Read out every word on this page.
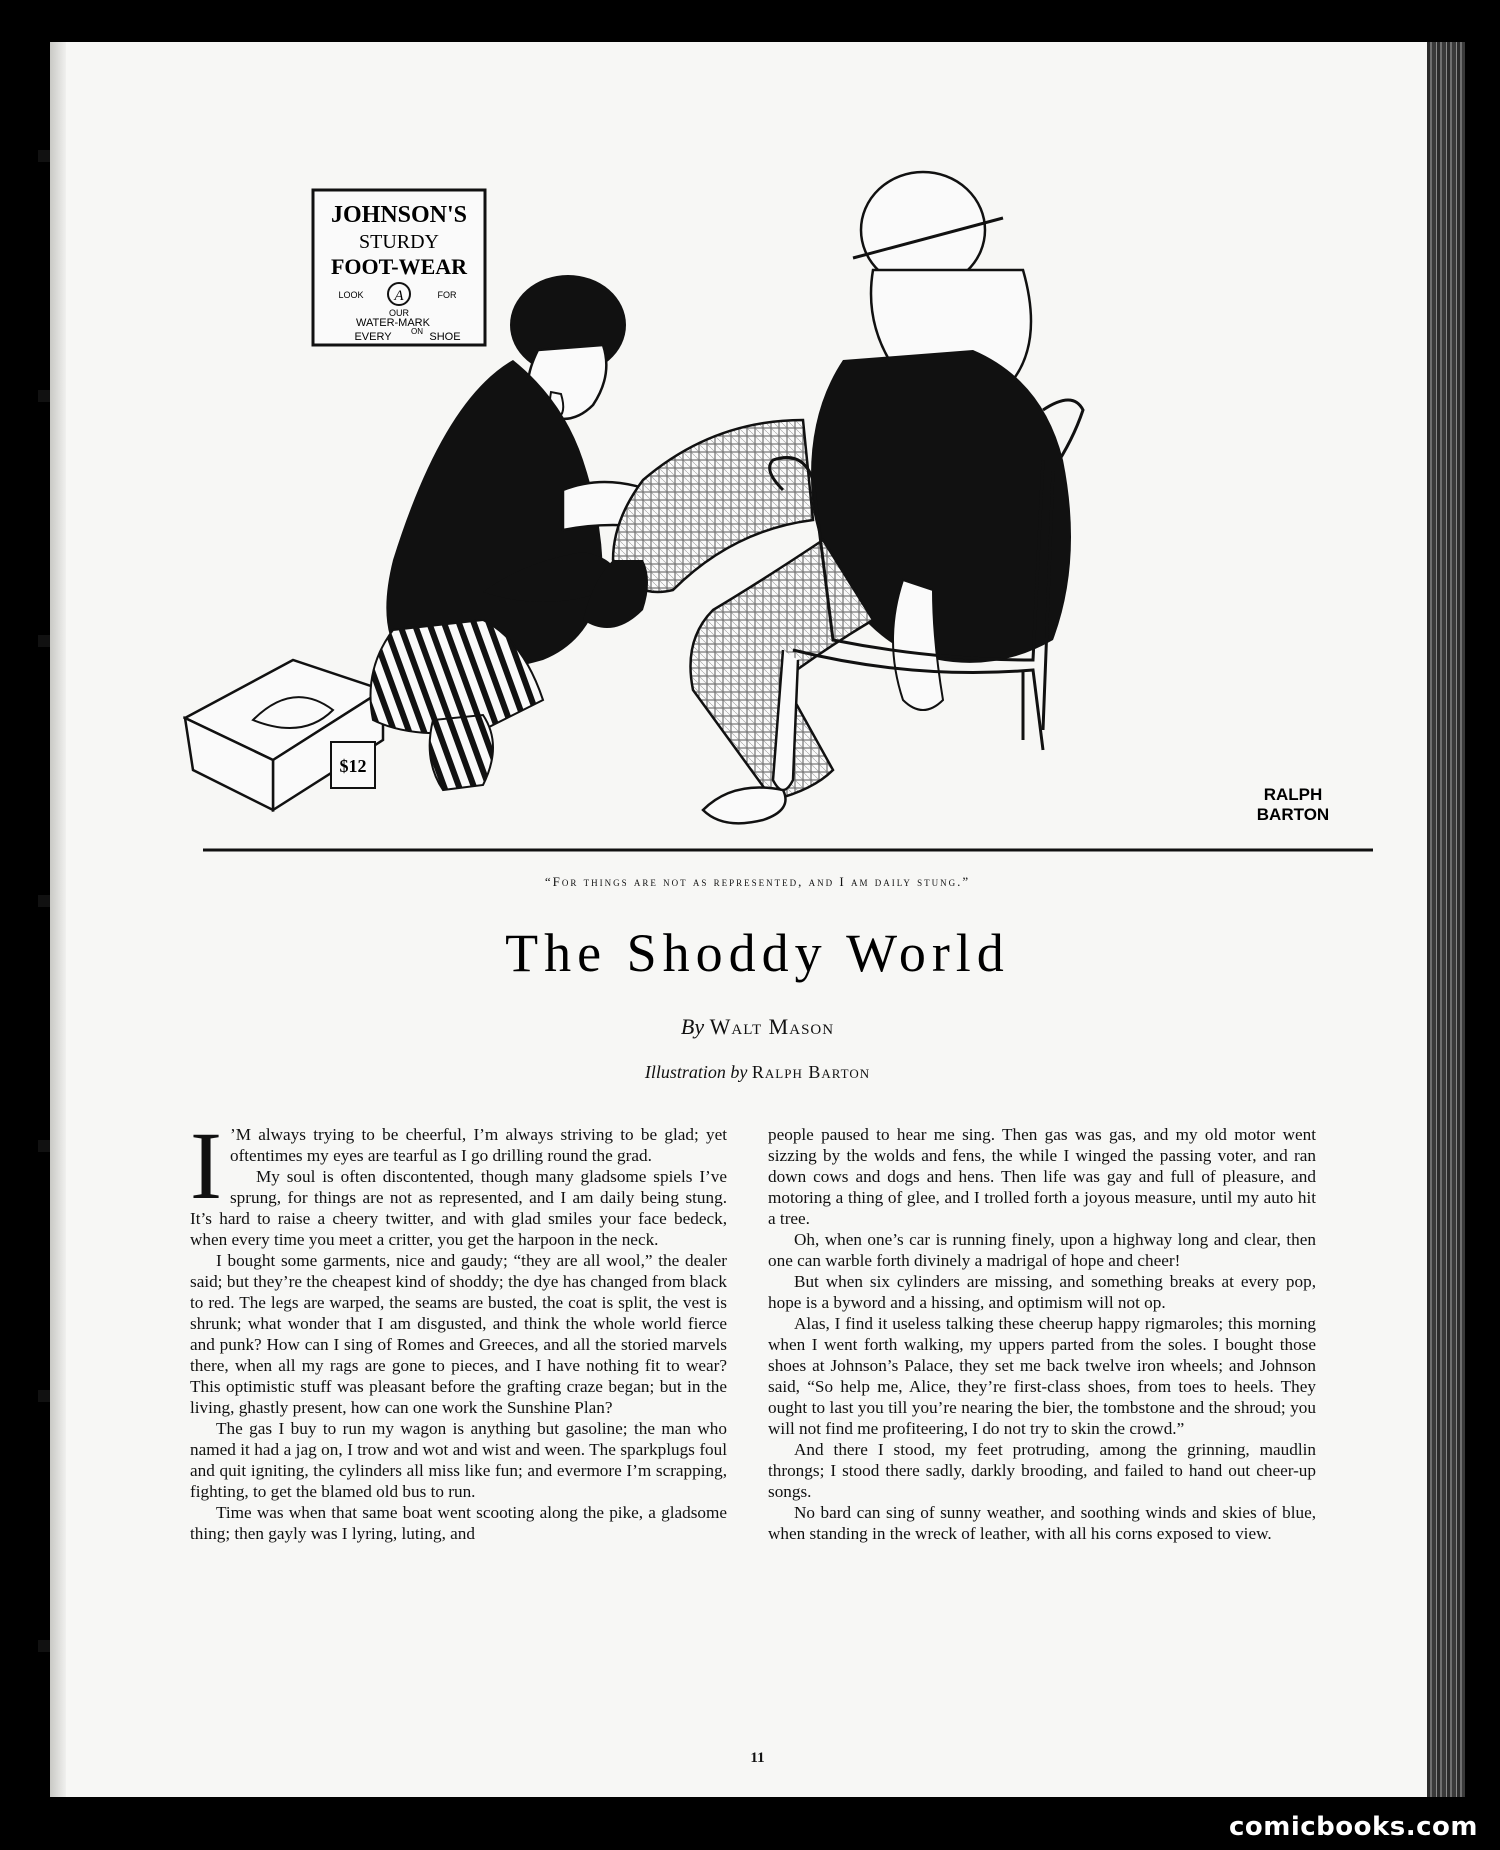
JOHNSON'S
STURDY
FOOT-WEAR
LOOK A	FOR
OUR
WATER-MARK
ON
EVERY	SHOE
$12
RALPH
BARTON
“For things are not as represented, and I am daily stung.”
The Shoddy World
By Walt Mason
Illustration by Ralph Barton
I ’M always trying to be cheerful, I’m always striving to be glad; yet oftentimes my eyes are tearful as I go drilling round the grad.

My soul is often discontented, though many gladsome spiels I’ve sprung, for things are not as represented, and I am daily being stung. It’s hard to raise a cheery twitter, and with glad smiles your face bedeck, when every time you meet a critter, you get the harpoon in the neck.

I bought some garments, nice and gaudy; “they are all wool,” the dealer said; but they’re the cheapest kind of shoddy; the dye has changed from black to red. The legs are warped, the seams are busted, the coat is split, the vest is shrunk; what wonder that I am disgusted, and think the whole world fierce and punk? How can I sing of Romes and Greeces, and all the storied marvels there, when all my rags are gone to pieces, and I have nothing fit to wear? This optimistic stuff was pleasant before the grafting craze began; but in the living, ghastly present, how can one work the Sunshine Plan?

The gas I buy to run my wagon is anything but gasoline; the man who named it had a jag on, I trow and wot and wist and ween. The sparkplugs foul and quit igniting, the cylinders all miss like fun; and evermore I’m scrapping, fighting, to get the blamed old bus to run.

Time was when that same boat went scooting along the pike, a gladsome thing; then gayly was I lyring, luting, and

people paused to hear me sing. Then gas was gas, and my old motor went sizzing by the wolds and fens, the while I winged the passing voter, and ran down cows and dogs and hens. Then life was gay and full of pleasure, and motoring a thing of glee, and I trolled forth a joyous measure, until my auto hit a tree.

Oh, when one’s car is running finely, upon a highway long and clear, then one can warble forth divinely a madrigal of hope and cheer!

But when six cylinders are missing, and something breaks at every pop, hope is a byword and a hissing, and optimism will not op.

Alas, I find it useless talking these cheerup happy rigmaroles; this morning when I went forth walking, my uppers parted from the soles. I bought those shoes at Johnson’s Palace, they set me back twelve iron wheels; and Johnson said, “So help me, Alice, they’re first-class shoes, from toes to heels. They ought to last you till you’re nearing the bier, the tombstone and the shroud; you will not find me profiteering, I do not try to skin the crowd.”

And there I stood, my feet protruding, among the grinning, maudlin throngs; I stood there sadly, darkly brooding, and failed to hand out cheer-up songs.

No bard can sing of sunny weather, and soothing winds and skies of blue, when standing in the wreck of leather, with all his corns exposed to view.

11
comicbooks.com
